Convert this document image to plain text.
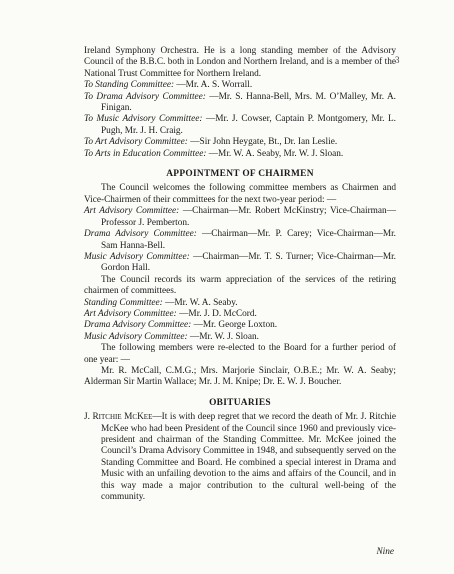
3

Ireland Symphony Orchestra. He is a long standing member of the Advisory Council of the B.B.C. both in London and Northern Ireland, and is a member of the National Trust Committee for Northern Ireland.

To Standing Committee: —Mr. A. S. Worrall.

To Drama Advisory Committee: —Mr. S. Hanna-Bell, Mrs. M. O’Malley, Mr. A. Finigan.

To Music Advisory Committee: —Mr. J. Cowser, Captain P. Montgomery, Mr. L. Pugh, Mr. J. H. Craig.

To Art Advisory Committee: —Sir John Heygate, Bt., Dr. Ian Leslie.

To Arts in Education Committee: —Mr. W. A. Seaby, Mr. W. J. Sloan.

APPOINTMENT OF CHAIRMEN

The Council welcomes the following committee members as Chairmen and Vice-Chairmen of their committees for the next two-year period: —

Art Advisory Committee: —Chairman—Mr. Robert McKinstry; Vice-Chairman—Professor J. Pemberton.

Drama Advisory Committee: —Chairman—Mr. P. Carey; Vice-Chairman—Mr. Sam Hanna-Bell.

Music Advisory Committee: —Chairman—Mr. T. S. Turner; Vice-Chairman—Mr. Gordon Hall.

The Council records its warm appreciation of the services of the retiring chairmen of committees.

Standing Committee: —Mr. W. A. Seaby.

Art Advisory Committee: —Mr. J. D. McCord.

Drama Advisory Committee: —Mr. George Loxton.

Music Advisory Committee: —Mr. W. J. Sloan.

The following members were re-elected to the Board for a further period of one year: —

Mr. R. McCall, C.M.G.; Mrs. Marjorie Sinclair, O.B.E.; Mr. W. A. Seaby; Alderman Sir Martin Wallace; Mr. J. M. Knipe; Dr. E. W. J. Boucher.

OBITUARIES

J. Ritchie McKee—It is with deep regret that we record the death of Mr. J. Ritchie McKee who had been President of the Council since 1960 and previously vice-president and chairman of the Standing Committee. Mr. McKee joined the Council’s Drama Advisory Committee in 1948, and subsequently served on the Standing Committee and Board. He combined a special interest in Drama and Music with an unfailing devotion to the aims and affairs of the Council, and in this way made a major contribution to the cultural well-being of the community.

Nine
